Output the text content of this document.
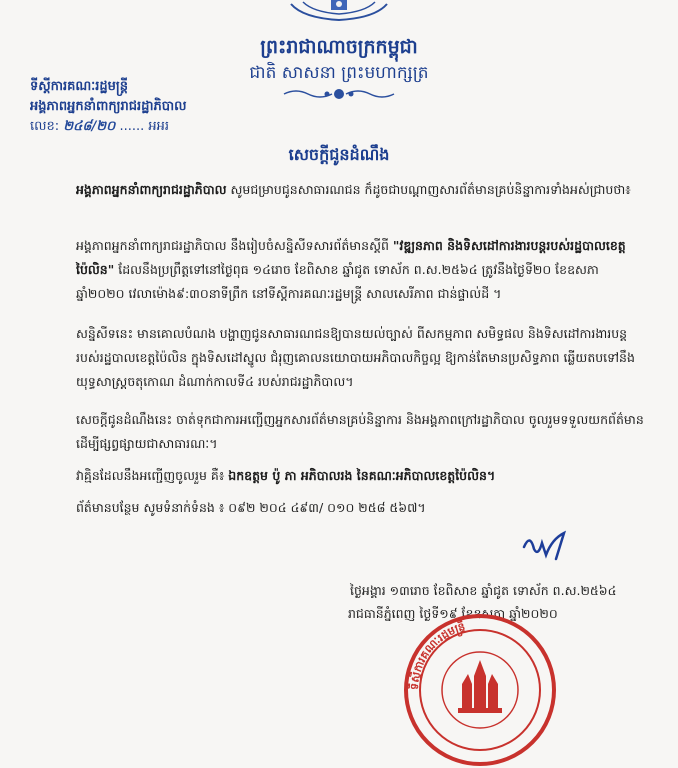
ព្រះរាជាណាចក្រកម្ពុជា
ជាតិ សាសនា ព្រះមហាក្សត្រ
ទីស្តីការគណៈរដ្ឋមន្ត្រី
អង្គភាពអ្នកនាំពាក្យរាជរដ្ឋាភិបាល
លេខ: ២៤៨/២០ ...... អអរ
សេចក្តីជូនដំណឹង
អង្គភាពអ្នកនាំពាក្យរាជរដ្ឋាភិបាល សូមជម្រាបជូនសាធារណជន ក៏ដូចជាបណ្តាញសារព័ត៌មានគ្រប់និន្នាការទាំងអស់ជ្រាបថា៖
អង្គភាពអ្នកនាំពាក្យរាជរដ្ឋាភិបាល នឹងរៀបចំសន្និសីទសារព័ត៌មានស្តីពី "វឌ្ឍនភាព និងទិសដៅការងារបន្តរបស់រដ្ឋបាលខេត្តប៉ៃលិន" ដែលនឹងប្រព្រឹត្តទៅនៅថ្ងៃពុធ ១៤រោច ខែពិសាខ ឆ្នាំជូត ទោស័ក ព.ស.២៥៦៤ ត្រូវនឹងថ្ងៃទី២០ ខែឧសភា ឆ្នាំ២០២០ វេលាម៉ោង៩:៣០នាទីព្រឹក នៅទីស្តីការគណៈរដ្ឋមន្ត្រី សាលសេរីភាព ជាន់ផ្ទាល់ដី ។
សន្និសីទនេះ មានគោលបំណង បង្ហាញជូនសាធារណជនឱ្យបានយល់ច្បាស់ ពីសកម្មភាព សមិទ្ធផល និងទិសដៅការងារបន្ត របស់រដ្ឋបាលខេត្តប៉ៃលិន ក្នុងទិសដៅស្នូល ជំរុញគោលនយោបាយអភិបាលកិច្ចល្អ ឱ្យកាន់តែមានប្រសិទ្ធភាព ឆ្លើយតបទៅនឹងយុទ្ធសាស្ត្រចតុកោណ ដំណាក់កាលទី៤ របស់រាជរដ្ឋាភិបាល។
សេចក្តីជូនដំណឹងនេះ ចាត់ទុកជាការអញ្ជើញអ្នកសារព័ត៌មានគ្រប់និន្នាការ និងអង្គភាពក្រៅរដ្ឋាភិបាល ចូលរួមទទួលយកព័ត៌មាន ដើម្បីផ្សព្វផ្សាយជាសាធារណៈ។
វាគ្មិនដែលនឹងអញ្ជើញចូលរួម គឺ៖ ឯកឧត្តម ប៉ូ ភា អភិបាលរង នៃគណៈអភិបាលខេត្តប៉ៃលិន។
ព័ត៌មានបន្ថែម សូមទំនាក់ទំនង ៖ ០៩២ ២០៤ ៤៩៣/ ០១០ ២៥៨ ៥៦៧។
ថ្ងៃអង្គារ ១៣រោច ខែពិសាខ ឆ្នាំជូត ទោស័ក ព.ស.២៥៦៤
រាជធានីភ្នំពេញ ថ្ងៃទី១៩ ខែឧសភា ឆ្នាំ២០២០
ទីស្តីការគណៈរដ្ឋមន្ត្រី
